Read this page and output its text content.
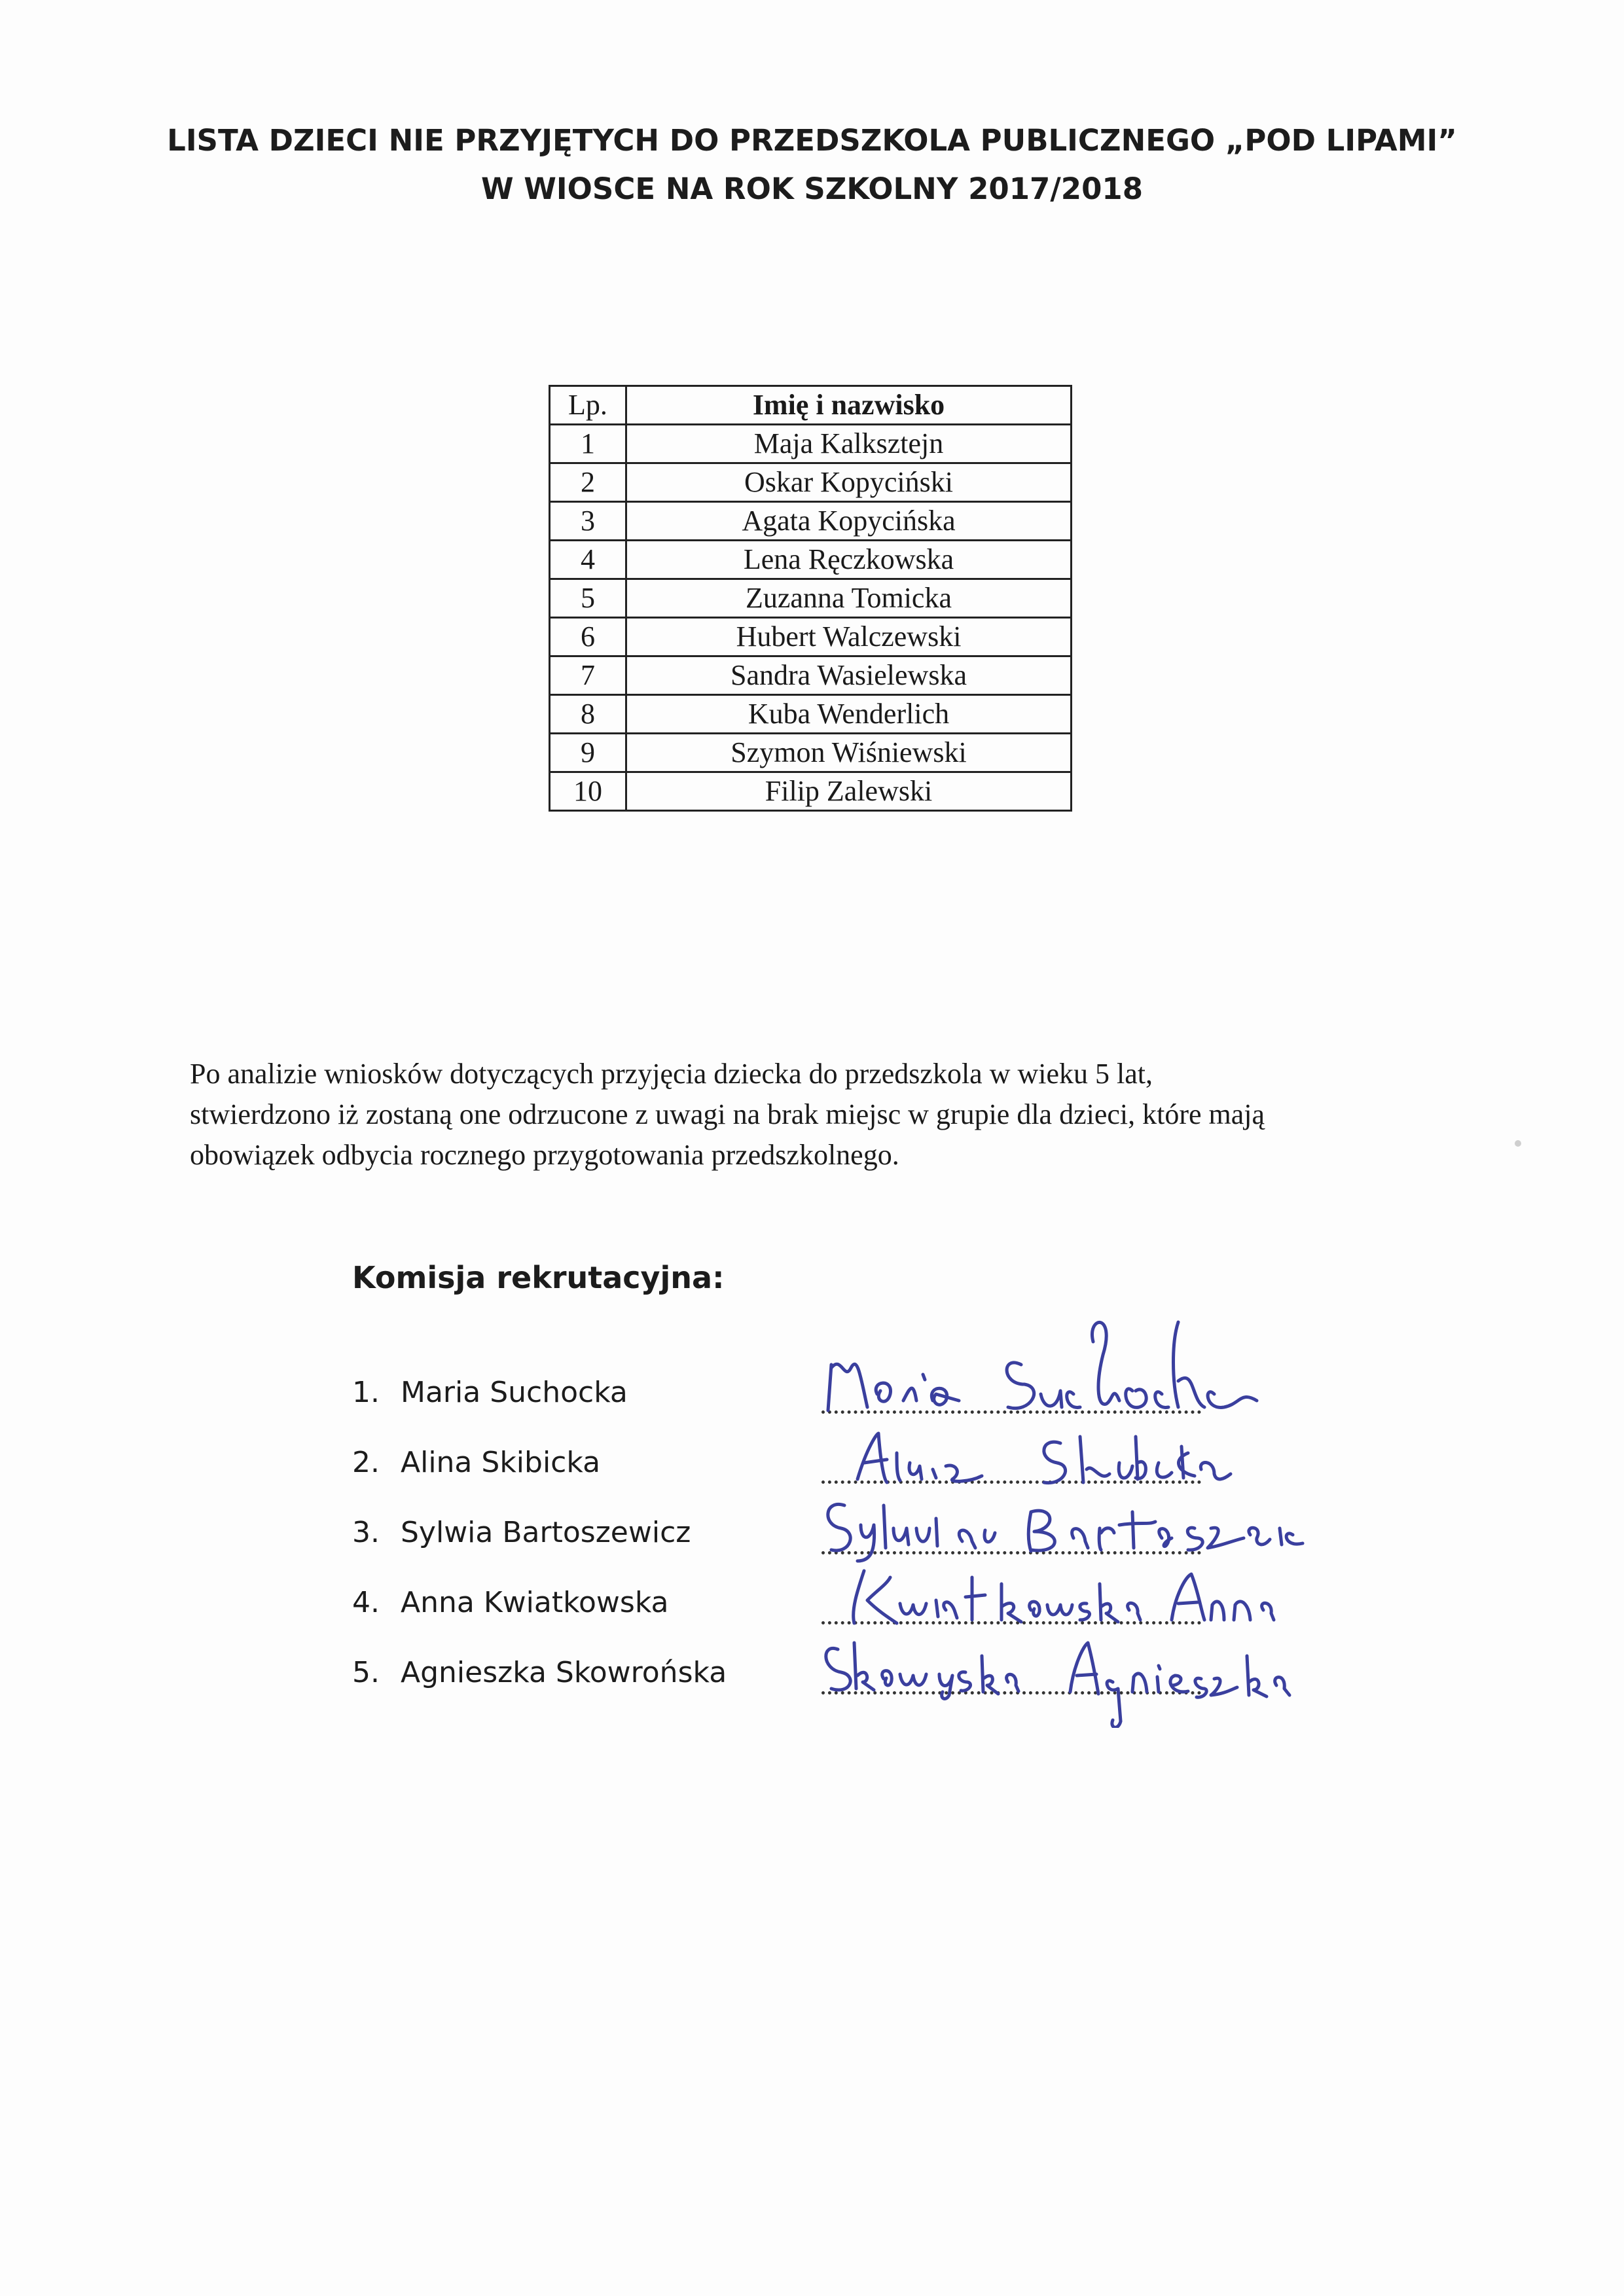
LISTA DZIECI NIE PRZYJĘTYCH DO PRZEDSZKOLA PUBLICZNEGO „POD LIPAMI”
W WIOSCE NA ROK SZKOLNY 2017/2018
Lp.	Imię i nazwisko
1	Maja Kalksztejn
2	Oskar Kopyciński
3	Agata Kopycińska
4	Lena Ręczkowska
5	Zuzanna Tomicka
6	Hubert Walczewski
7	Sandra Wasielewska
8	Kuba Wenderlich
9	Szymon Wiśniewski
10	Filip Zalewski
Po analizie wniosków dotyczących przyjęcia dziecka do przedszkola w wieku 5 lat,
stwierdzono iż zostaną one odrzucone z uwagi na brak miejsc w grupie dla dzieci, które mają
obowiązek odbycia rocznego przygotowania przedszkolnego.
Komisja rekrutacyjna:
1. Maria Suchocka
2. Alina Skibicka
3. Sylwia Bartoszewicz
4. Anna Kwiatkowska
5. Agnieszka Skowrońska
